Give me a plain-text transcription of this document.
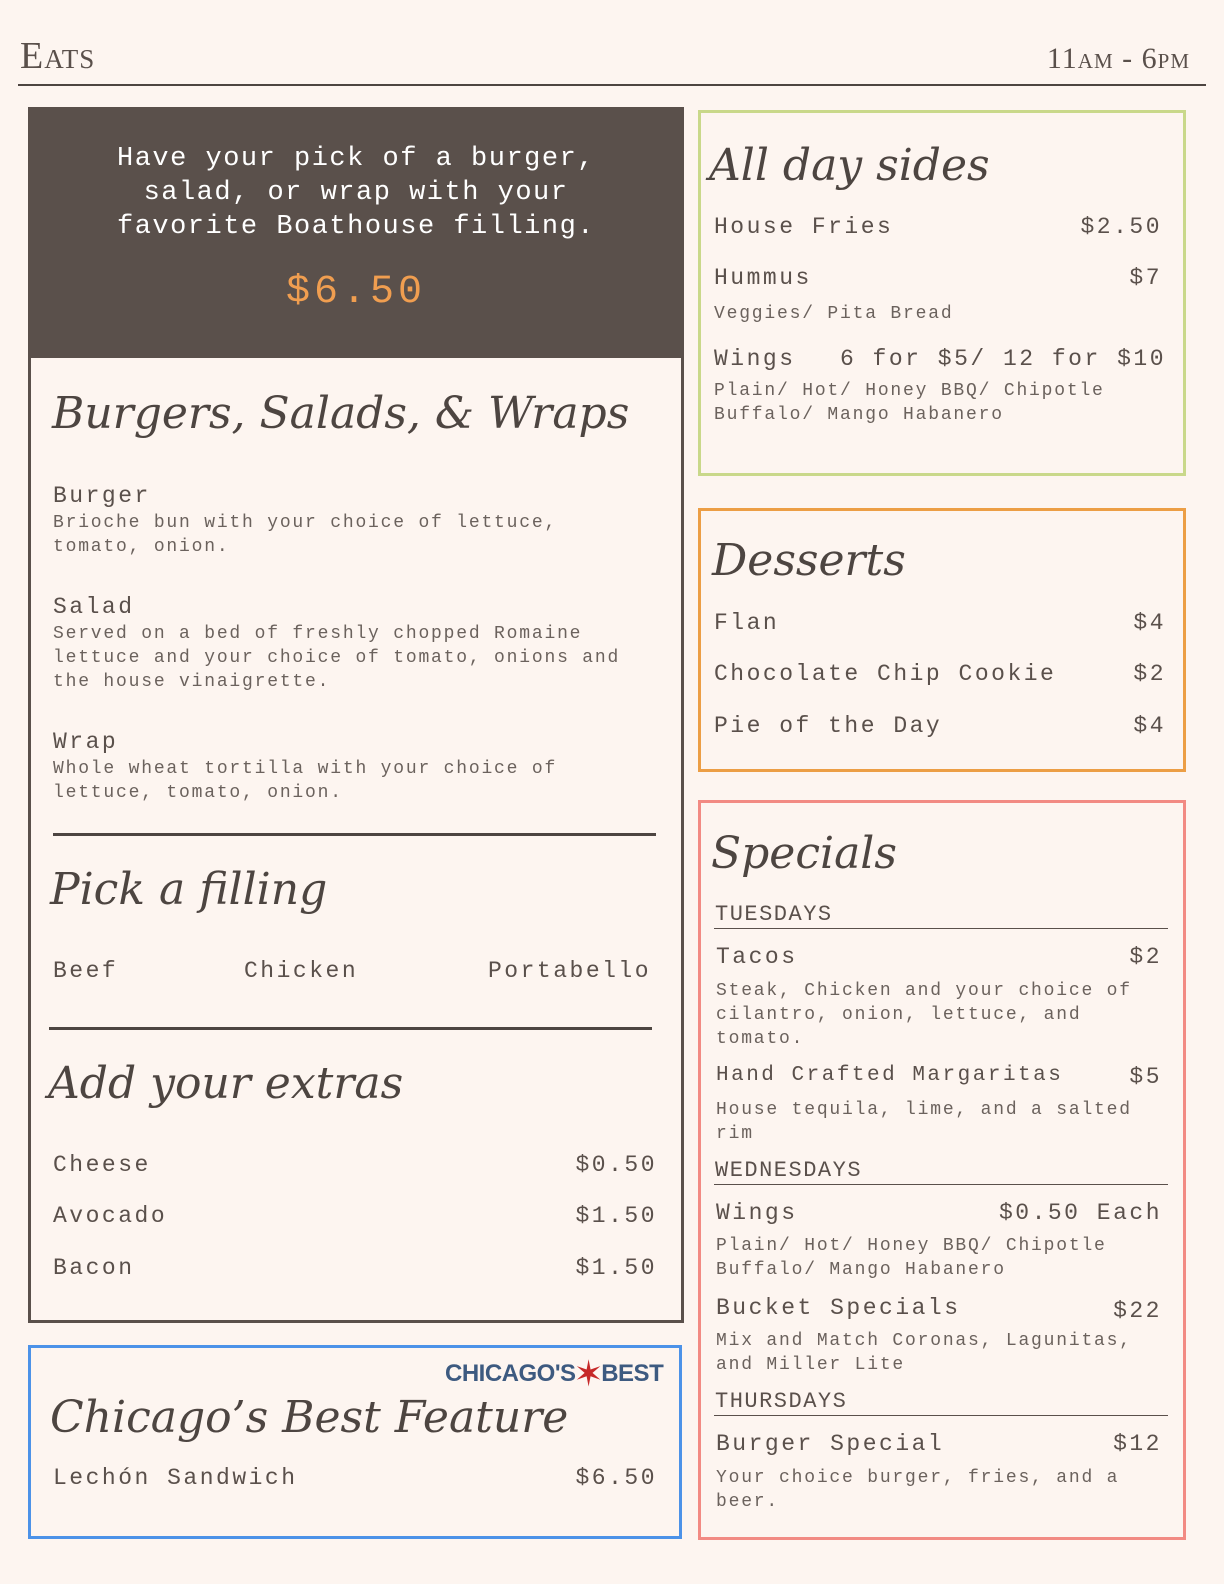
Eats	11am - 6pm
Have your pick of a burger,
salad, or wrap with your
favorite Boathouse filling.
$6.50
Burgers, Salads, & Wraps
Burger
Brioche bun with your choice of lettuce, tomato, onion.
Salad
Served on a bed of freshly chopped Romaine lettuce and your choice of tomato, onions and the house vinaigrette.
Wrap
Whole wheat tortilla with your choice of lettuce, tomato, onion.
Pick a filling
Beef	Chicken	Portabello
Add your extras
Cheese	$0.50
Avocado	$1.50
Bacon	$1.50
CHICAGO'S
✶
BEST
Chicago’s Best Feature
Lechón Sandwich	$6.50
All day sides
House Fries	$2.50
Hummus	$7
Veggies/ Pita Bread
Wings 6 for $5/ 12 for $10
Plain/ Hot/ Honey BBQ/ Chipotle Buffalo/ Mango Habanero
Desserts
Flan	$4
Chocolate Chip Cookie	$2
Pie of the Day	$4
Specials
TUESDAYS
Tacos	$2
Steak, Chicken and your choice of cilantro, onion, lettuce, and tomato.
Hand Crafted Margaritas	$5
House tequila, lime, and a salted rim
WEDNESDAYS
Wings	$0.50 Each
Plain/ Hot/ Honey BBQ/ Chipotle Buffalo/ Mango Habanero
Bucket Specials	$22
Mix and Match Coronas, Lagunitas, and Miller Lite
THURSDAYS
Burger Special	$12
Your choice burger, fries, and a beer.
